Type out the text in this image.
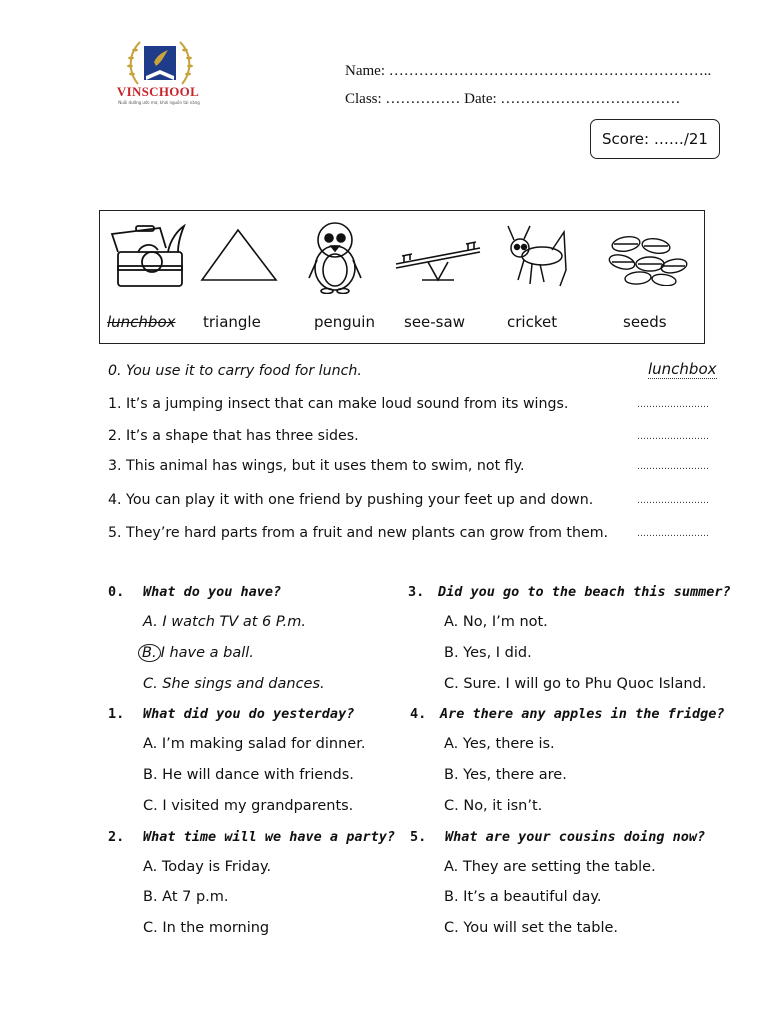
VINSCHOOL
Nuôi dưỡng ước mơ, khơi nguồn tài năng
Name: ………………………………………………………..
Class: …………… Date: ………………………………
Score: ……/21
lunchbox triangle	penguin see-saw	cricket	seeds
0. You use it to carry food for lunch.	lunchbox
1. It’s a jumping insect that can make loud sound from its wings.	……………………
2. It’s a shape that has three sides.	……………………
3. This animal has wings, but it uses them to swim, not fly.	……………………
4. You can play it with one friend by pushing your feet up and down.	……………………
5. They’re hard parts from a fruit and new plants can grow from them.	……………………
0. What do you have?
A. I watch TV at 6 P.m.
B. I have a ball.
C. She sings and dances.
1. What did you do yesterday?
A. I’m making salad for dinner.
B. He will dance with friends.
C. I visited my grandparents.
2. What time will we have a party?
A. Today is Friday.
B. At 7 p.m.
C. In the morning
3. Did you go to the beach this summer?
A. No, I’m not.
B. Yes, I did.
C. Sure. I will go to Phu Quoc Island.
4. Are there any apples in the fridge?
A. Yes, there is.
B. Yes, there are.
C. No, it isn’t.
5. What are your cousins doing now?
A. They are setting the table.
B. It’s a beautiful day.
C. You will set the table.
